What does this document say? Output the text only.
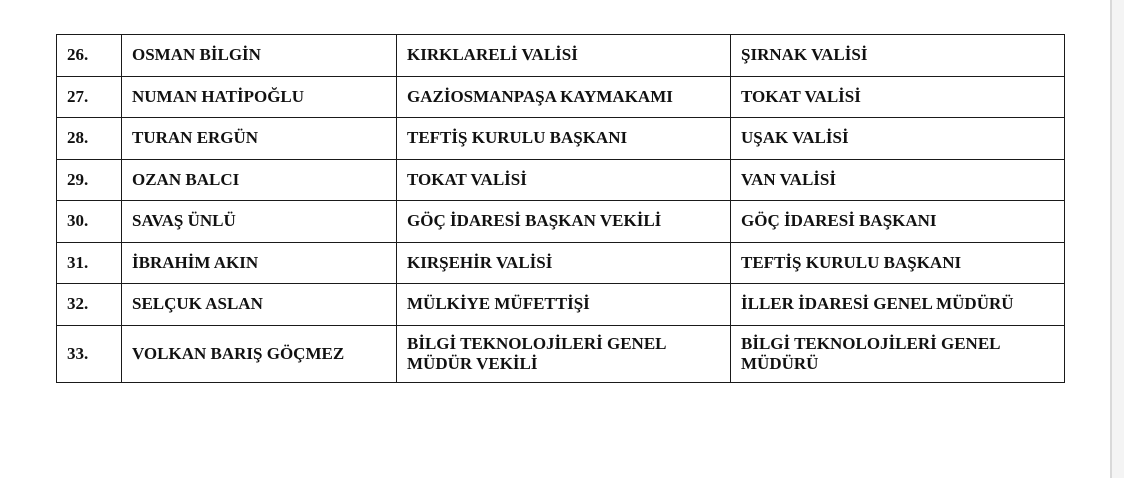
26.	OSMAN BİLGİN	KIRKLARELİ VALİSİ	ŞIRNAK VALİSİ
27.	NUMAN HATİPOĞLU	GAZİOSMANPAŞA KAYMAKAMI	TOKAT VALİSİ
28.	TURAN ERGÜN	TEFTİŞ KURULU BAŞKANI	UŞAK VALİSİ
29.	OZAN BALCI	TOKAT VALİSİ	VAN VALİSİ
30.	SAVAŞ ÜNLÜ	GÖÇ İDARESİ BAŞKAN VEKİLİ	GÖÇ İDARESİ BAŞKANI
31.	İBRAHİM AKIN	KIRŞEHİR VALİSİ	TEFTİŞ KURULU BAŞKANI
32.	SELÇUK ASLAN	MÜLKİYE MÜFETTİŞİ	İLLER İDARESİ GENEL MÜDÜRÜ
33.	VOLKAN BARIŞ GÖÇMEZ	BİLGİ TEKNOLOJİLERİ GENEL MÜDÜR VEKİLİ	BİLGİ TEKNOLOJİLERİ GENEL MÜDÜRÜ
